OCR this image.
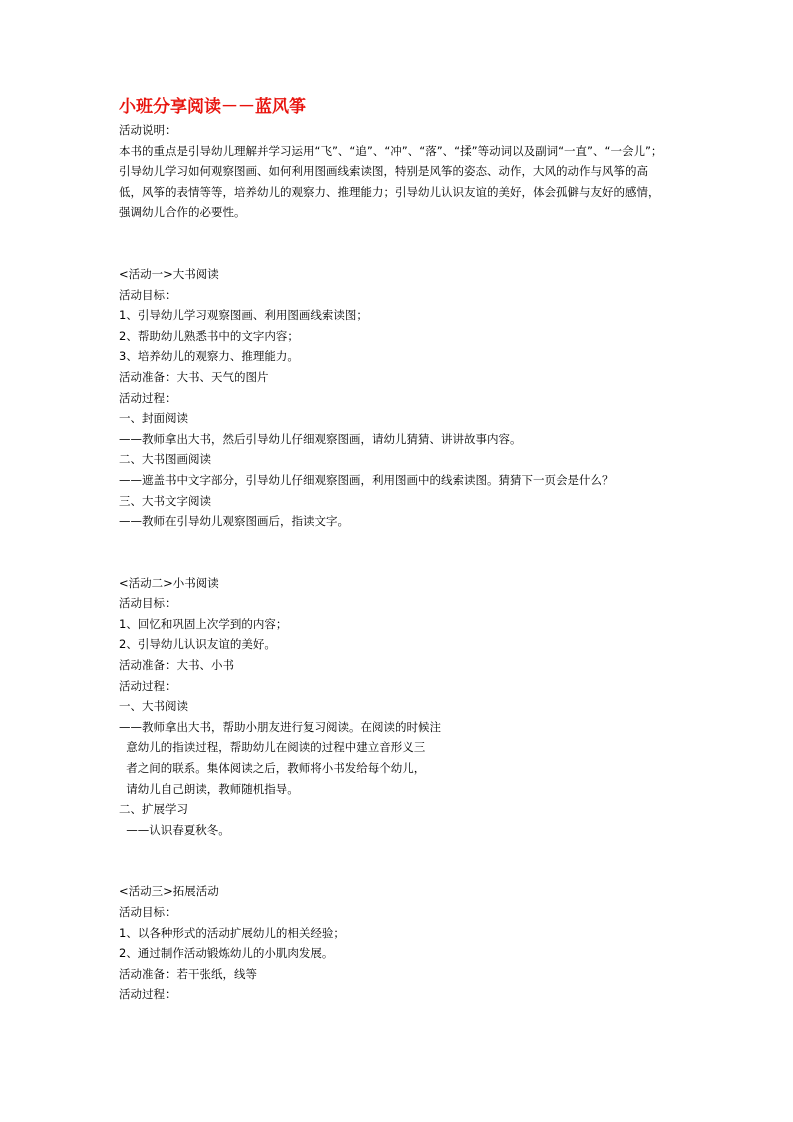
小班分享阅读－－蓝风筝
活动说明：
本书的重点是引导幼儿理解并学习运用“飞”、“追”、“冲”、“落”、“揉”等动词以及副词“一直”、“一会儿”；
引导幼儿学习如何观察图画、如何利用图画线索读图，特别是风筝的姿态、动作，大风的动作与风筝的高
低，风筝的表情等等，培养幼儿的观察力、推理能力；引导幼儿认识友谊的美好，体会孤僻与友好的感情，
强调幼儿合作的必要性。
<活动一>大书阅读
活动目标：
1、引导幼儿学习观察图画、利用图画线索读图；
2、帮助幼儿熟悉书中的文字内容；
3、培养幼儿的观察力、推理能力。
活动准备：大书、天气的图片
活动过程：
一、封面阅读
——教师拿出大书，然后引导幼儿仔细观察图画，请幼儿猜猜、讲讲故事内容。
二、大书图画阅读
——遮盖书中文字部分，引导幼儿仔细观察图画，利用图画中的线索读图。猜猜下一页会是什么？
三、大书文字阅读
——教师在引导幼儿观察图画后，指读文字。
<活动二>小书阅读
活动目标：
1、回忆和巩固上次学到的内容；
2、引导幼儿认识友谊的美好。
活动准备：大书、小书
活动过程：
一、大书阅读
——教师拿出大书，帮助小朋友进行复习阅读。在阅读的时候注
意幼儿的指读过程，帮助幼儿在阅读的过程中建立音形义三
者之间的联系。集体阅读之后，教师将小书发给每个幼儿，
请幼儿自己朗读，教师随机指导。
二、扩展学习
——认识春夏秋冬。
<活动三>拓展活动
活动目标：
1、以各种形式的活动扩展幼儿的相关经验；
2、通过制作活动锻炼幼儿的小肌肉发展。
活动准备：若干张纸，线等
活动过程：
